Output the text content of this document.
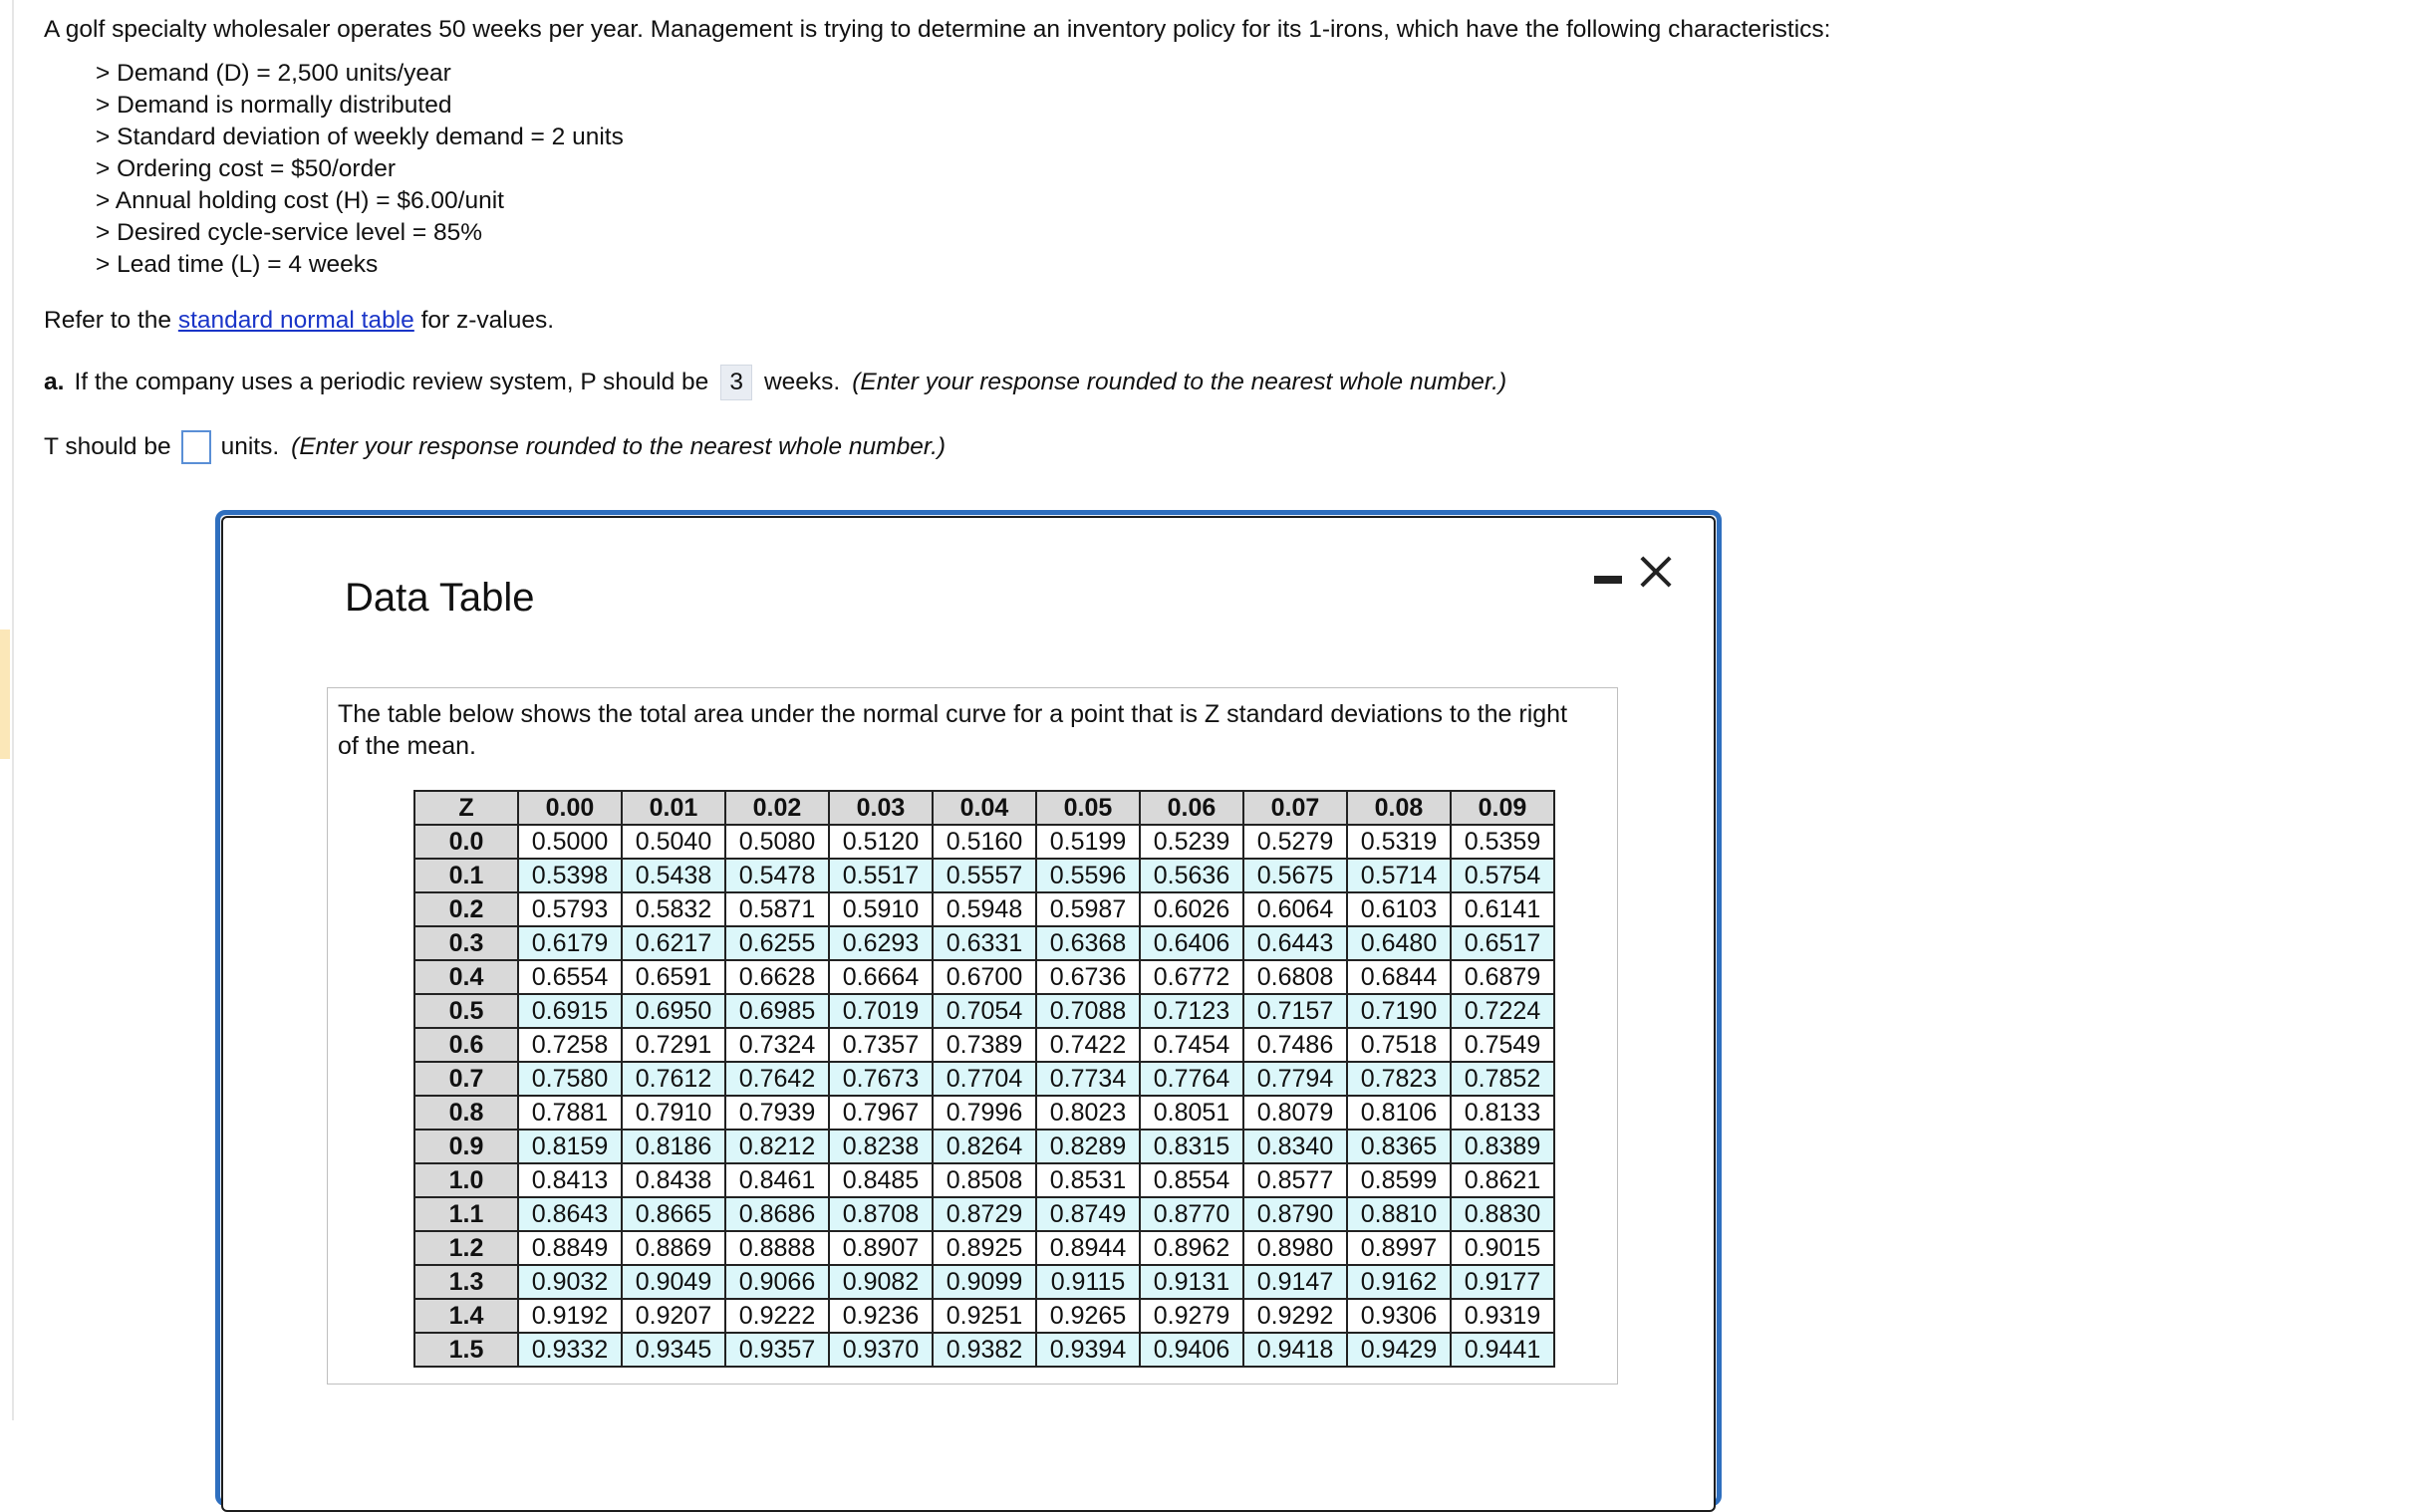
A golf specialty wholesaler operates 50 weeks per year. Management is trying to determine an inventory policy for its 1-irons, which have the following characteristics:

> Demand (D) = 2,500 units/year
> Demand is normally distributed
> Standard deviation of weekly demand = 2 units
> Ordering cost = $50/order
> Annual holding cost (H) = $6.00/unit
> Desired cycle-service level = 85%
> Lead time (L) = 4 weeks
Refer to the standard normal table for z-values.
a. If the company uses a periodic review system, P should be 3 weeks. (Enter your response rounded to the nearest whole number.)
T should be units. (Enter your response rounded to the nearest whole number.)
Data Table

The table below shows the total area under the normal curve for a point that is Z standard deviations to the right of the mean.

Z	0.00	0.01	0.02	0.03	0.04	0.05	0.06	0.07	0.08	0.09
0.0	0.5000	0.5040	0.5080	0.5120	0.5160	0.5199	0.5239	0.5279	0.5319	0.5359
0.1	0.5398	0.5438	0.5478	0.5517	0.5557	0.5596	0.5636	0.5675	0.5714	0.5754
0.2	0.5793	0.5832	0.5871	0.5910	0.5948	0.5987	0.6026	0.6064	0.6103	0.6141
0.3	0.6179	0.6217	0.6255	0.6293	0.6331	0.6368	0.6406	0.6443	0.6480	0.6517
0.4	0.6554	0.6591	0.6628	0.6664	0.6700	0.6736	0.6772	0.6808	0.6844	0.6879
0.5	0.6915	0.6950	0.6985	0.7019	0.7054	0.7088	0.7123	0.7157	0.7190	0.7224
0.6	0.7258	0.7291	0.7324	0.7357	0.7389	0.7422	0.7454	0.7486	0.7518	0.7549
0.7	0.7580	0.7612	0.7642	0.7673	0.7704	0.7734	0.7764	0.7794	0.7823	0.7852
0.8	0.7881	0.7910	0.7939	0.7967	0.7996	0.8023	0.8051	0.8079	0.8106	0.8133
0.9	0.8159	0.8186	0.8212	0.8238	0.8264	0.8289	0.8315	0.8340	0.8365	0.8389
1.0	0.8413	0.8438	0.8461	0.8485	0.8508	0.8531	0.8554	0.8577	0.8599	0.8621
1.1	0.8643	0.8665	0.8686	0.8708	0.8729	0.8749	0.8770	0.8790	0.8810	0.8830
1.2	0.8849	0.8869	0.8888	0.8907	0.8925	0.8944	0.8962	0.8980	0.8997	0.9015
1.3	0.9032	0.9049	0.9066	0.9082	0.9099	0.9115	0.9131	0.9147	0.9162	0.9177
1.4	0.9192	0.9207	0.9222	0.9236	0.9251	0.9265	0.9279	0.9292	0.9306	0.9319
1.5	0.9332	0.9345	0.9357	0.9370	0.9382	0.9394	0.9406	0.9418	0.9429	0.9441
